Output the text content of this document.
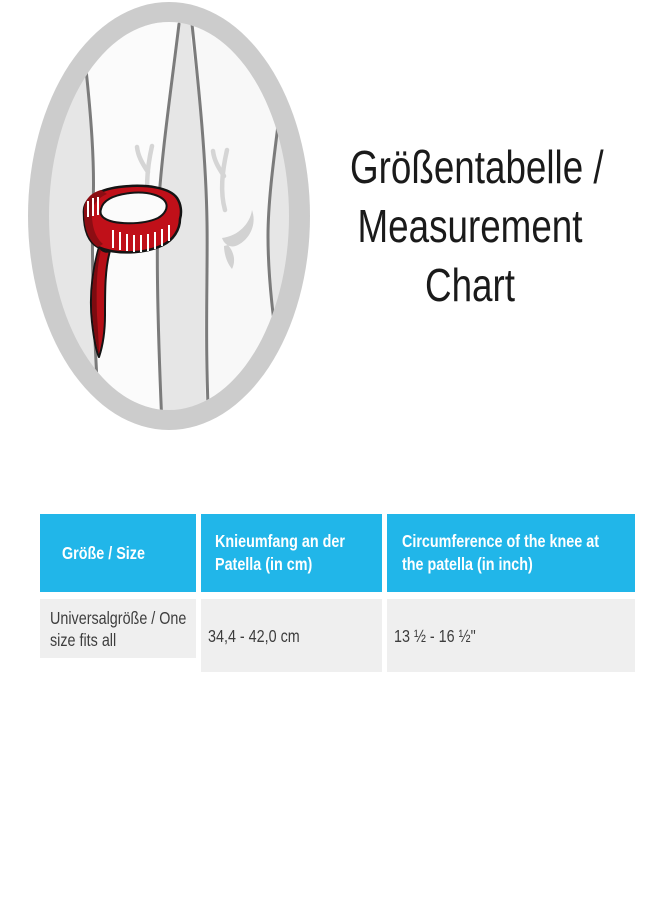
Größentabelle /
Measurement
Chart
Größe / Size
Knieumfang an der
Patella (in cm)
Circumference of the knee at
the patella (in inch)
Universalgröße / One
size fits all	34,4 - 42,0 cm	13 ½ - 16 ½"
